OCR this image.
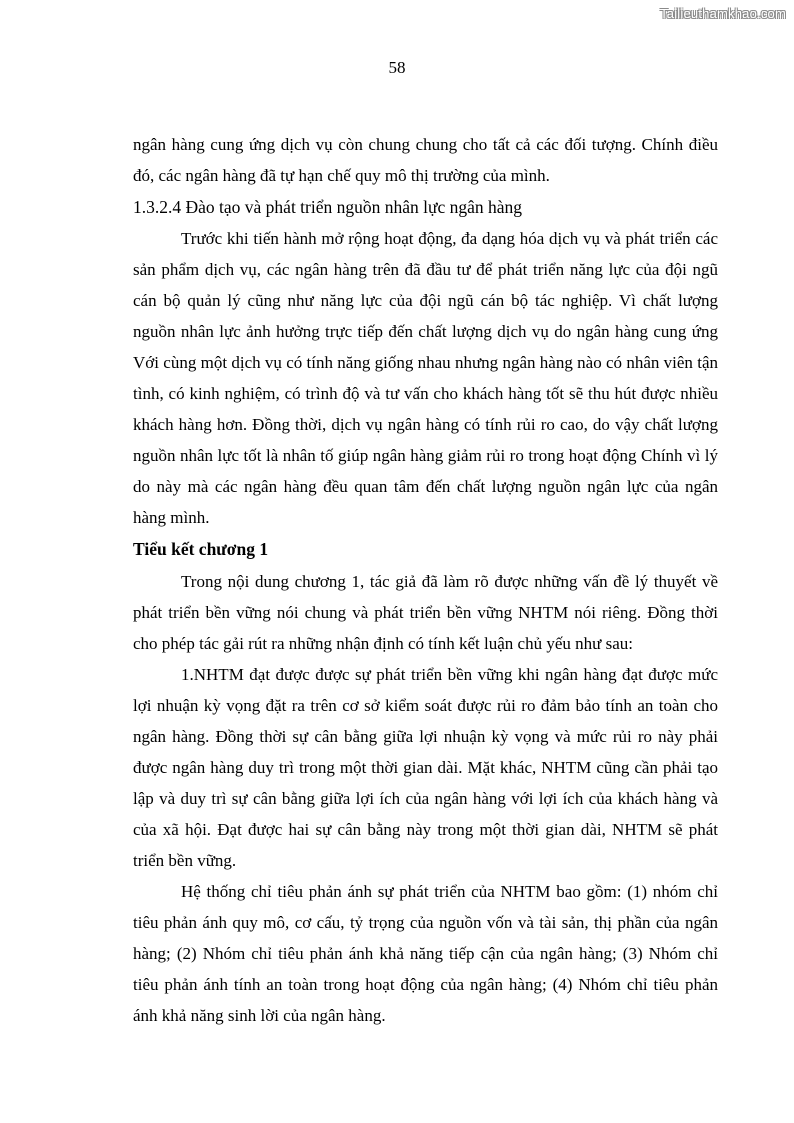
Tailieuthamkhao.com
58

ngân hàng cung ứng dịch vụ còn chung chung cho tất cả các đối tượng. Chính điều đó, các ngân hàng đã tự hạn chế quy mô thị trường của mình.

1.3.2.4 Đào tạo và phát triển nguồn nhân lực ngân hàng

Trước khi tiến hành mở rộng hoạt động, đa dạng hóa dịch vụ và phát triển các sản phẩm dịch vụ, các ngân hàng trên đã đầu tư để phát triển năng lực của đội ngũ cán bộ quản lý cũng như năng lực của đội ngũ cán bộ tác nghiệp. Vì chất lượng nguồn nhân lực ảnh hưởng trực tiếp đến chất lượng dịch vụ do ngân hàng cung ứng Với cùng một dịch vụ có tính năng giống nhau nhưng ngân hàng nào có nhân viên tận tình, có kinh nghiệm, có trình độ và tư vấn cho khách hàng tốt sẽ thu hút được nhiều khách hàng hơn. Đồng thời, dịch vụ ngân hàng có tính rủi ro cao, do vậy chất lượng nguồn nhân lực tốt là nhân tố giúp ngân hàng giảm rủi ro trong hoạt động Chính vì lý do này mà các ngân hàng đều quan tâm đến chất lượng nguồn ngân lực của ngân hàng mình.

Tiểu kết chương 1

Trong nội dung chương 1, tác giả đã làm rõ được những vấn đề lý thuyết về phát triển bền vững nói chung và phát triển bền vững NHTM nói riêng. Đồng thời cho phép tác gải rút ra những nhận định có tính kết luận chủ yếu như sau:

1.NHTM đạt được được sự phát triển bền vững khi ngân hàng đạt được mức lợi nhuận kỳ vọng đặt ra trên cơ sở kiểm soát được rủi ro đảm bảo tính an toàn cho ngân hàng. Đồng thời sự cân bằng giữa lợi nhuận kỳ vọng và mức rủi ro này phải được ngân hàng duy trì trong một thời gian dài. Mặt khác, NHTM cũng cần phải tạo lập và duy trì sự cân bằng giữa lợi ích của ngân hàng với lợi ích của khách hàng và của xã hội. Đạt được hai sự cân bằng này trong một thời gian dài, NHTM sẽ phát triển bền vững.

Hệ thống chỉ tiêu phản ánh sự phát triển của NHTM bao gồm: (1) nhóm chỉ tiêu phản ánh quy mô, cơ cấu, tỷ trọng của nguồn vốn và tài sản, thị phần của ngân hàng; (2) Nhóm chỉ tiêu phản ánh khả năng tiếp cận của ngân hàng; (3) Nhóm chỉ tiêu phản ánh tính an toàn trong hoạt động của ngân hàng; (4) Nhóm chỉ tiêu phản ánh khả năng sinh lời của ngân hàng.
